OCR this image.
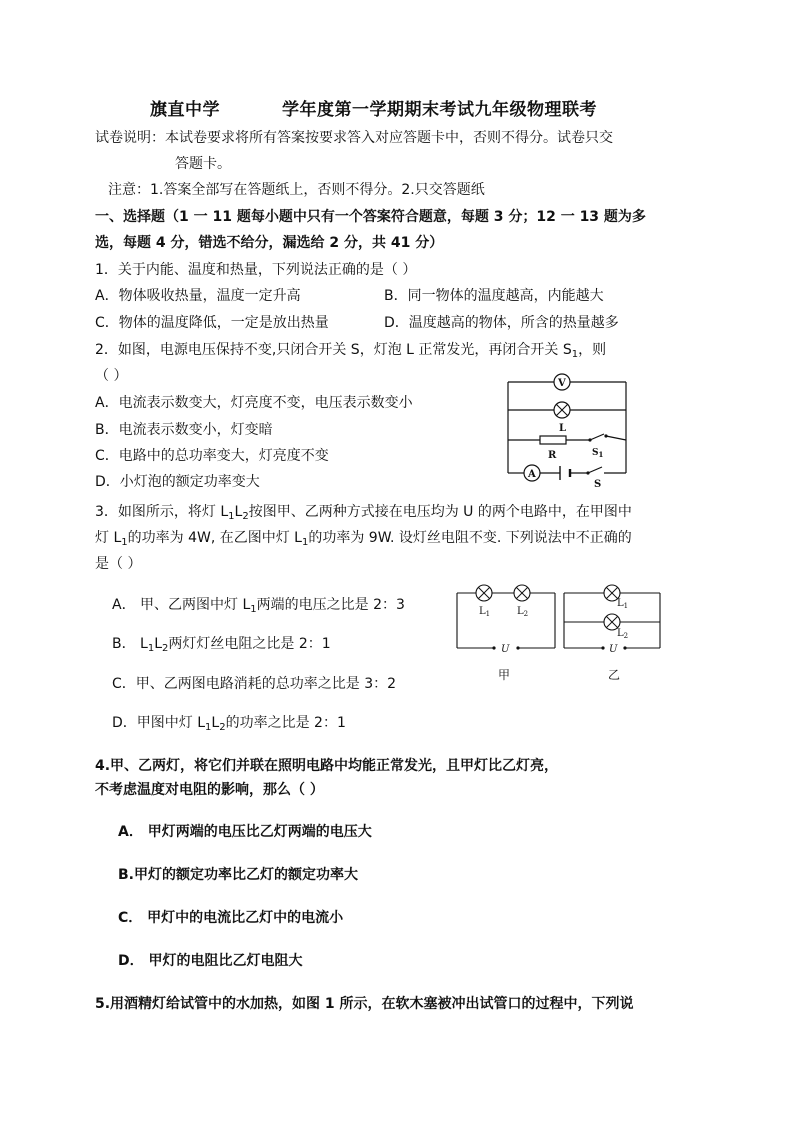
旗直中学	学年度第一学期期末考试九年级物理联考
试卷说明：本试卷要求将所有答案按要求答入对应答题卡中，否则不得分。试卷只交
答题卡。
注意：1.答案全部写在答题纸上，否则不得分。2.只交答题纸
一、选择题（1 一 11 题每小题中只有一个答案符合题意，每题 3 分；12 一 13 题为多
选，每题 4 分，错选不给分，漏选给 2 分，共 41 分）
1．关于内能、温度和热量，下列说法正确的是（ ）
A．物体吸收热量，温度一定升高	B．同一物体的温度越高，内能越大
C．物体的温度降低，一定是放出热量	D．温度越高的物体，所含的热量越多
2．如图，电源电压保持不变,只闭合开关 S，灯泡 L 正常发光，再闭合开关 $S_1$，则
（ ）
A．电流表示数变大，灯亮度不变，电压表示数变小
B．电流表示数变小，灯变暗
C．电路中的总功率变大，灯亮度不变
D．小灯泡的额定功率变大
V
L
R	$S_1$
A
S
3．如图所示，将灯 $L_1L_2$按图甲、乙两种方式接在电压均为 U 的两个电路中，在甲图中
灯 $L_1$的功率为 4W, 在乙图中灯 $L_1$的功率为 9W. 设灯丝电阻不变. 下列说法中不正确的
是（ ）
A． 甲、乙两图中灯 $L_1$两端的电压之比是 2：3
B． $L_1L_2$两灯灯丝电阻之比是 2：1
C．甲、乙两图电路消耗的总功率之比是 3：2
D．甲图中灯 $L_1L_2$的功率之比是 2：1
$L_1$	$L_2$
$L_1$
$L_2$
U	U
甲	乙
4.甲、乙两灯，将它们并联在照明电路中均能正常发光，且甲灯比乙灯亮，
不考虑温度对电阻的影响，那么（ ）
A． 甲灯两端的电压比乙灯两端的电压大
B.甲灯的额定功率比乙灯的额定功率大
C． 甲灯中的电流比乙灯中的电流小
D． 甲灯的电阻比乙灯电阻大
5.用酒精灯给试管中的水加热，如图 1 所示，在软木塞被冲出试管口的过程中，下列说
